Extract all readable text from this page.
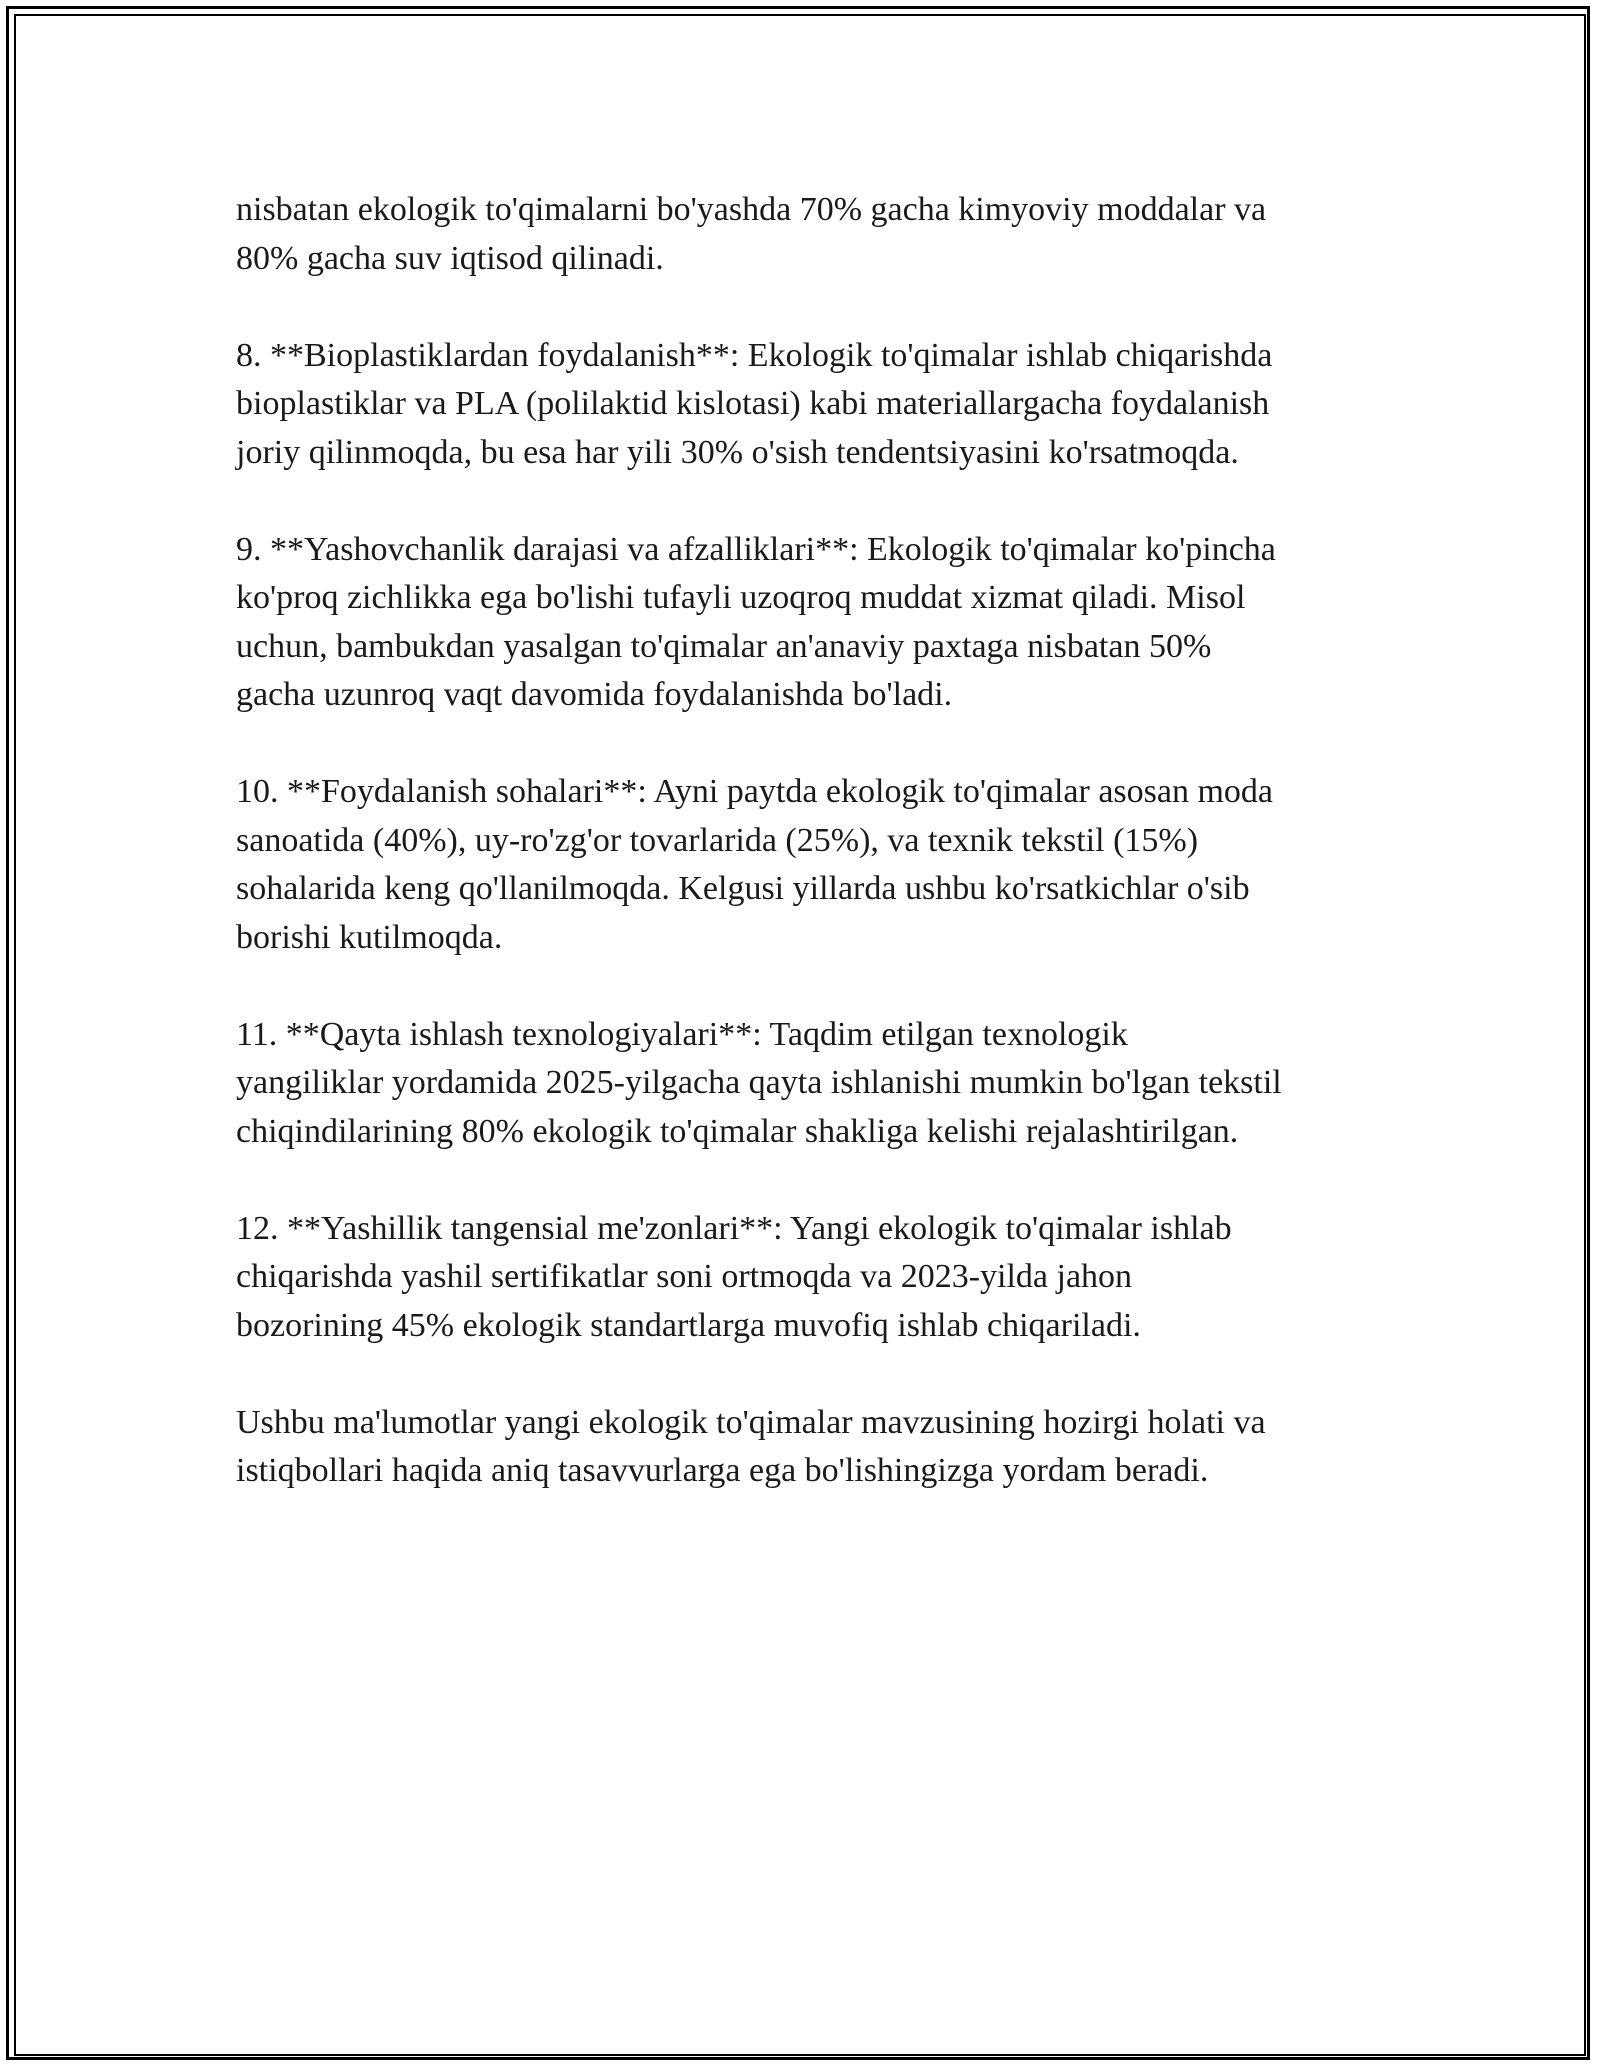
nisbatan ekologik to'qimalarni bo'yashda 70% gacha kimyoviy moddalar va
80% gacha suv iqtisod qilinadi.

8. **Bioplastiklardan foydalanish**: Ekologik to'qimalar ishlab chiqarishda
bioplastiklar va PLA (polilaktid kislotasi) kabi materiallargacha foydalanish
joriy qilinmoqda, bu esa har yili 30% o'sish tendentsiyasini ko'rsatmoqda.

9. **Yashovchanlik darajasi va afzalliklari**: Ekologik to'qimalar ko'pincha
ko'proq zichlikka ega bo'lishi tufayli uzoqroq muddat xizmat qiladi. Misol
uchun, bambukdan yasalgan to'qimalar an'anaviy paxtaga nisbatan 50%
gacha uzunroq vaqt davomida foydalanishda bo'ladi.

10. **Foydalanish sohalari**: Ayni paytda ekologik to'qimalar asosan moda
sanoatida (40%), uy-ro'zg'or tovarlarida (25%), va texnik tekstil (15%)
sohalarida keng qo'llanilmoqda. Kelgusi yillarda ushbu ko'rsatkichlar o'sib
borishi kutilmoqda.

11. **Qayta ishlash texnologiyalari**: Taqdim etilgan texnologik
yangiliklar yordamida 2025-yilgacha qayta ishlanishi mumkin bo'lgan tekstil
chiqindilarining 80% ekologik to'qimalar shakliga kelishi rejalashtirilgan.

12. **Yashillik tangensial me'zonlari**: Yangi ekologik to'qimalar ishlab
chiqarishda yashil sertifikatlar soni ortmoqda va 2023-yilda jahon
bozorining 45% ekologik standartlarga muvofiq ishlab chiqariladi.

Ushbu ma'lumotlar yangi ekologik to'qimalar mavzusining hozirgi holati va
istiqbollari haqida aniq tasavvurlarga ega bo'lishingizga yordam beradi.
